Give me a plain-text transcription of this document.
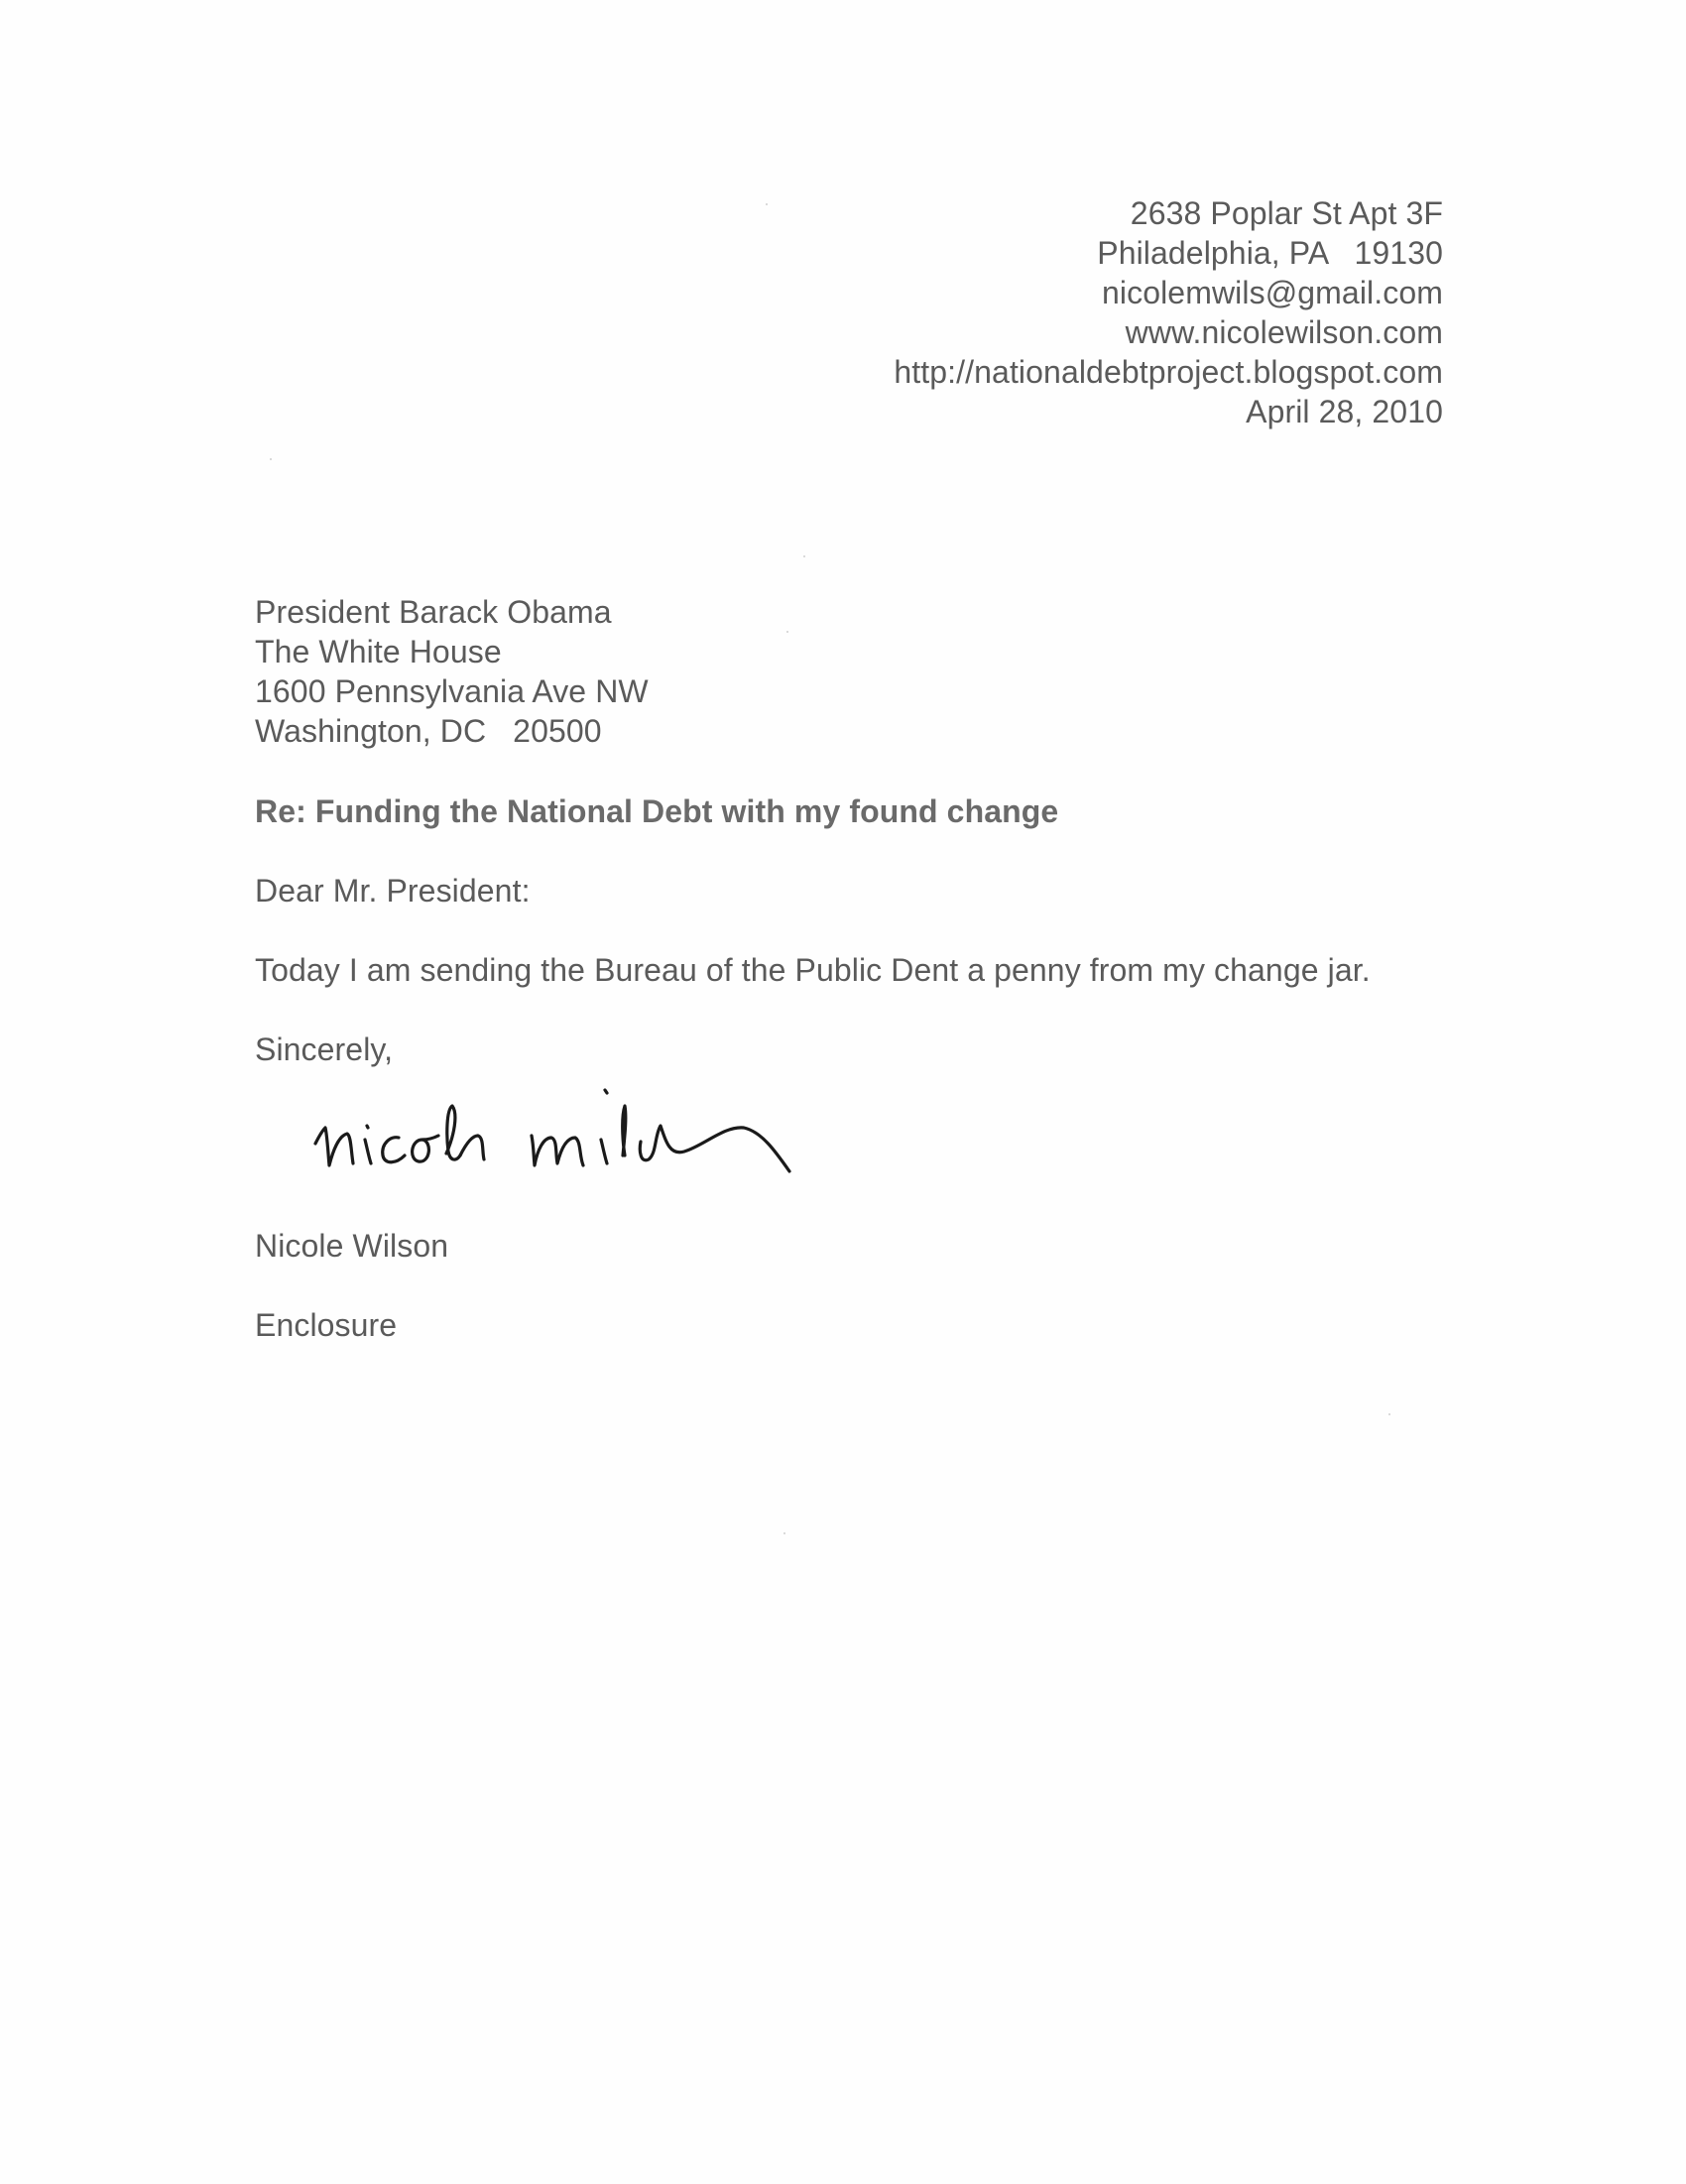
2638 Poplar St Apt 3F
Philadelphia, PA   19130
nicolemwils@gmail.com
www.nicolewilson.com
http://nationaldebtproject.blogspot.com
April 28, 2010
President Barack Obama
The White House
1600 Pennsylvania Ave NW
Washington, DC   20500
Re: Funding the National Debt with my found change
Dear Mr. President:
Today I am sending the Bureau of the Public Dent a penny from my change jar.
Sincerely,
Nicole Wilson
Enclosure
